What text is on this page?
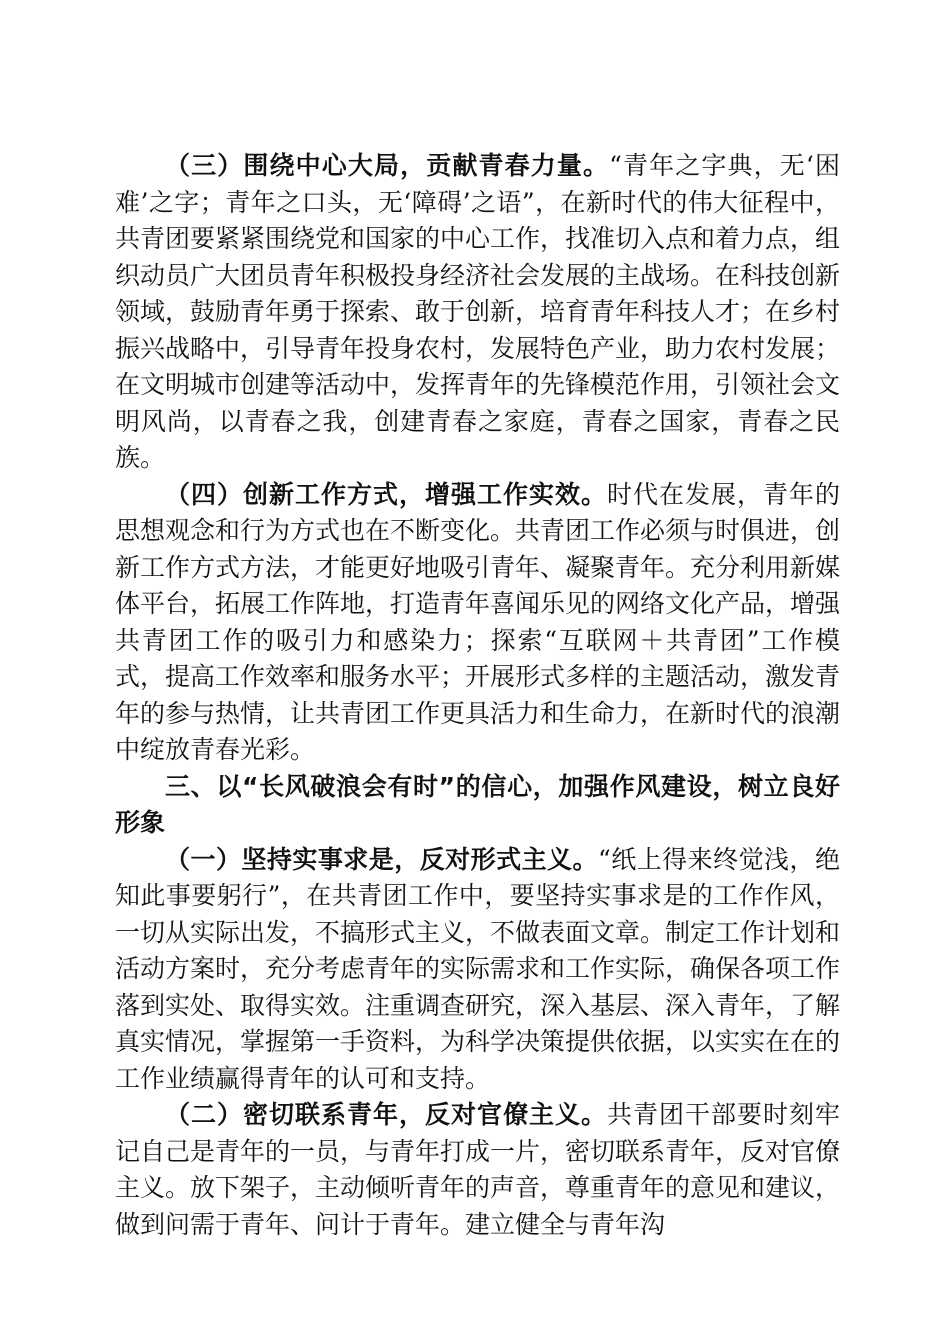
（三）围绕中心大局，贡献青春力量。“青年之字典，无‘困难’之字；青年之口头，无‘障碍’之语”，在新时代的伟大征程中，共青团要紧紧围绕党和国家的中心工作，找准切入点和着力点，组织动员广大团员青年积极投身经济社会发展的主战场。在科技创新领域，鼓励青年勇于探索、敢于创新，培育青年科技人才；在乡村振兴战略中，引导青年投身农村，发展特色产业，助力农村发展；在文明城市创建等活动中，发挥青年的先锋模范作用，引领社会文明风尚，以青春之我，创建青春之家庭，青春之国家，青春之民族。

（四）创新工作方式，增强工作实效。时代在发展，青年的思想观念和行为方式也在不断变化。共青团工作必须与时俱进，创新工作方式方法，才能更好地吸引青年、凝聚青年。充分利用新媒体平台，拓展工作阵地，打造青年喜闻乐见的网络文化产品，增强共青团工作的吸引力和感染力；探索“互联网＋共青团”工作模式，提高工作效率和服务水平；开展形式多样的主题活动，激发青年的参与热情，让共青团工作更具活力和生命力，在新时代的浪潮中绽放青春光彩。

三、以“长风破浪会有时”的信心，加强作风建设，树立良好形象

（一）坚持实事求是，反对形式主义。“纸上得来终觉浅，绝知此事要躬行”，在共青团工作中，要坚持实事求是的工作作风，一切从实际出发，不搞形式主义，不做表面文章。制定工作计划和活动方案时，充分考虑青年的实际需求和工作实际，确保各项工作落到实处、取得实效。注重调查研究，深入基层、深入青年，了解真实情况，掌握第一手资料，为科学决策提供依据，以实实在在的工作业绩赢得青年的认可和支持。

（二）密切联系青年，反对官僚主义。共青团干部要时刻牢记自己是青年的一员，与青年打成一片，密切联系青年，反对官僚主义。放下架子，主动倾听青年的声音，尊重青年的意见和建议，做到问需于青年、问计于青年。建立健全与青年沟
